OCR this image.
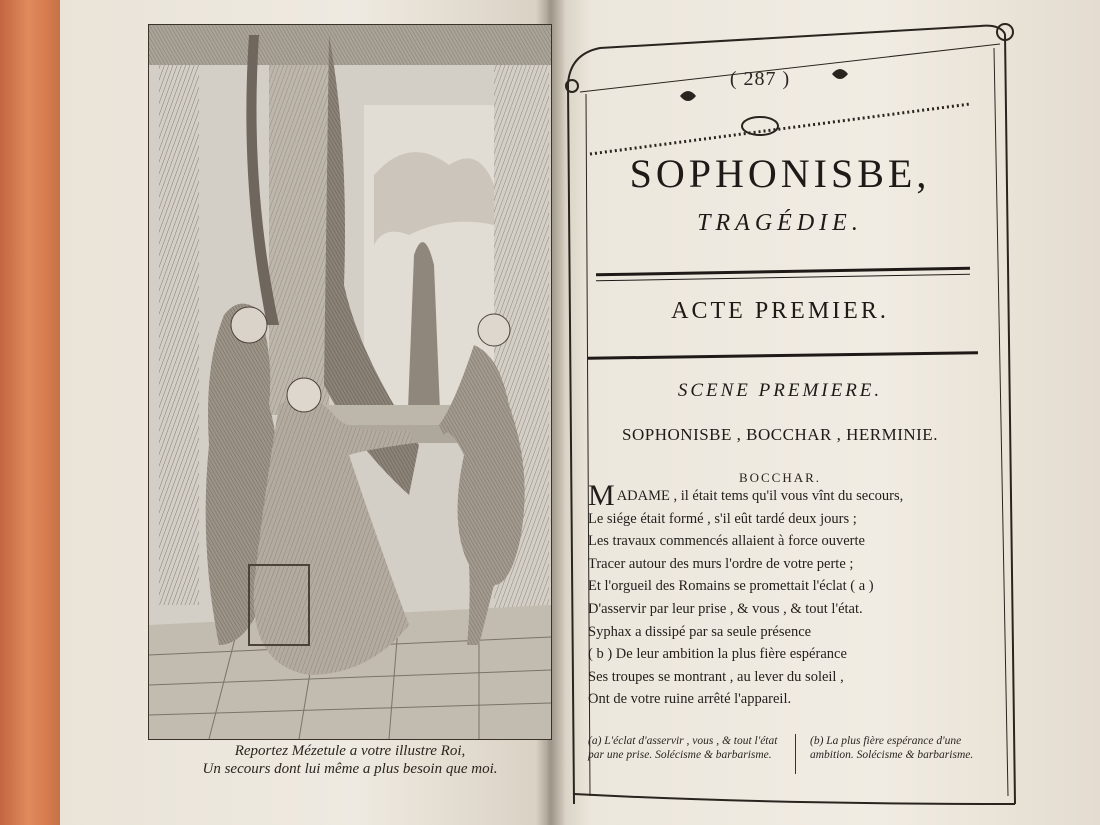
Reportez Mézetule a votre illustre Roi,
Un secours dont lui même a plus besoin que moi.
( 287 )
SOPHONISBE,
TRAGÉDIE.
ACTE PREMIER.
SCENE PREMIERE.
SOPHONISBE , BOCCHAR , HERMINIE.
BOCCHAR.
MADAME , il était tems qu'il vous vînt du secours,
Le siége était formé , s'il eût tardé deux jours ;
Les travaux commencés allaient à force ouverte
Tracer autour des murs l'ordre de votre perte ;
Et l'orgueil des Romains se promettait l'éclat ( a )
D'asservir par leur prise , & vous , & tout l'état.
Syphax a dissipé par sa seule présence
( b ) De leur ambition la plus fière espérance
Ses troupes se montrant , au lever du soleil ,
Ont de votre ruine arrêté l'appareil.
(a) L'éclat d'asservir , vous , & tout l'état par une prise. Solécisme & barbarisme.
(b) La plus fière espérance d'une ambition. Solécisme & barbarisme.
